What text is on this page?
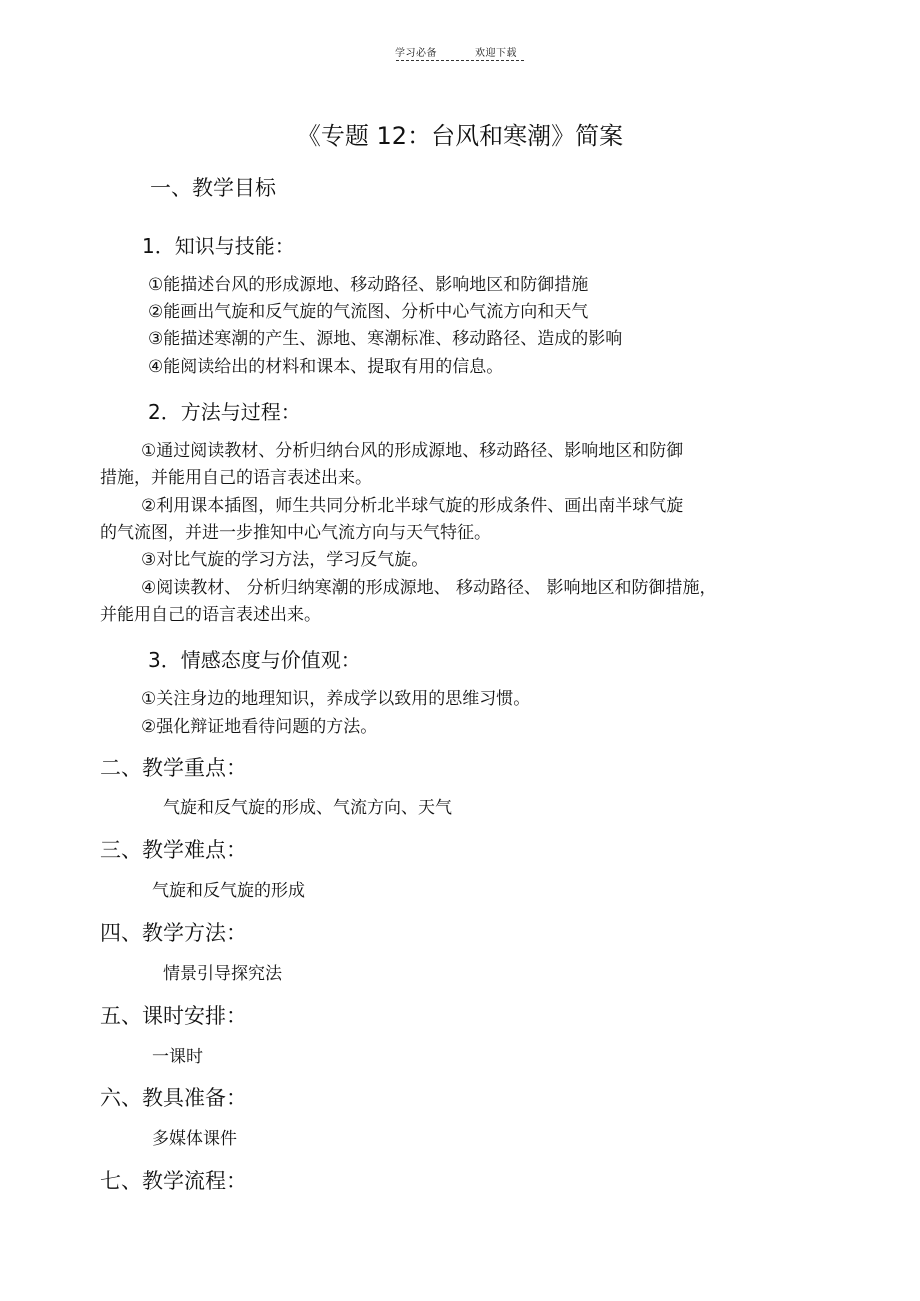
学习必备	欢迎下载
《专题 12：台风和寒潮》简案
一、教学目标
1．知识与技能：
①能描述台风的形成源地、移动路径、影响地区和防御措施
②能画出气旋和反气旋的气流图、分析中心气流方向和天气
③能描述寒潮的产生、源地、寒潮标准、移动路径、造成的影响
④能阅读给出的材料和课本、提取有用的信息。
2．方法与过程：
①通过阅读教材、分析归纳台风的形成源地、移动路径、影响地区和防御
措施，并能用自己的语言表述出来。
②利用课本插图，师生共同分析北半球气旋的形成条件、画出南半球气旋
的气流图，并进一步推知中心气流方向与天气特征。
③对比气旋的学习方法，学习反气旋。
④阅读教材、 分析归纳寒潮的形成源地、 移动路径、 影响地区和防御措施，
并能用自己的语言表述出来。
3．情感态度与价值观：
①关注身边的地理知识，养成学以致用的思维习惯。
②强化辩证地看待问题的方法。
二、教学重点：
气旋和反气旋的形成、气流方向、天气
三、教学难点：
气旋和反气旋的形成
四、教学方法：
情景引导探究法
五、课时安排：
一课时
六、教具准备：
多媒体课件
七、教学流程：
